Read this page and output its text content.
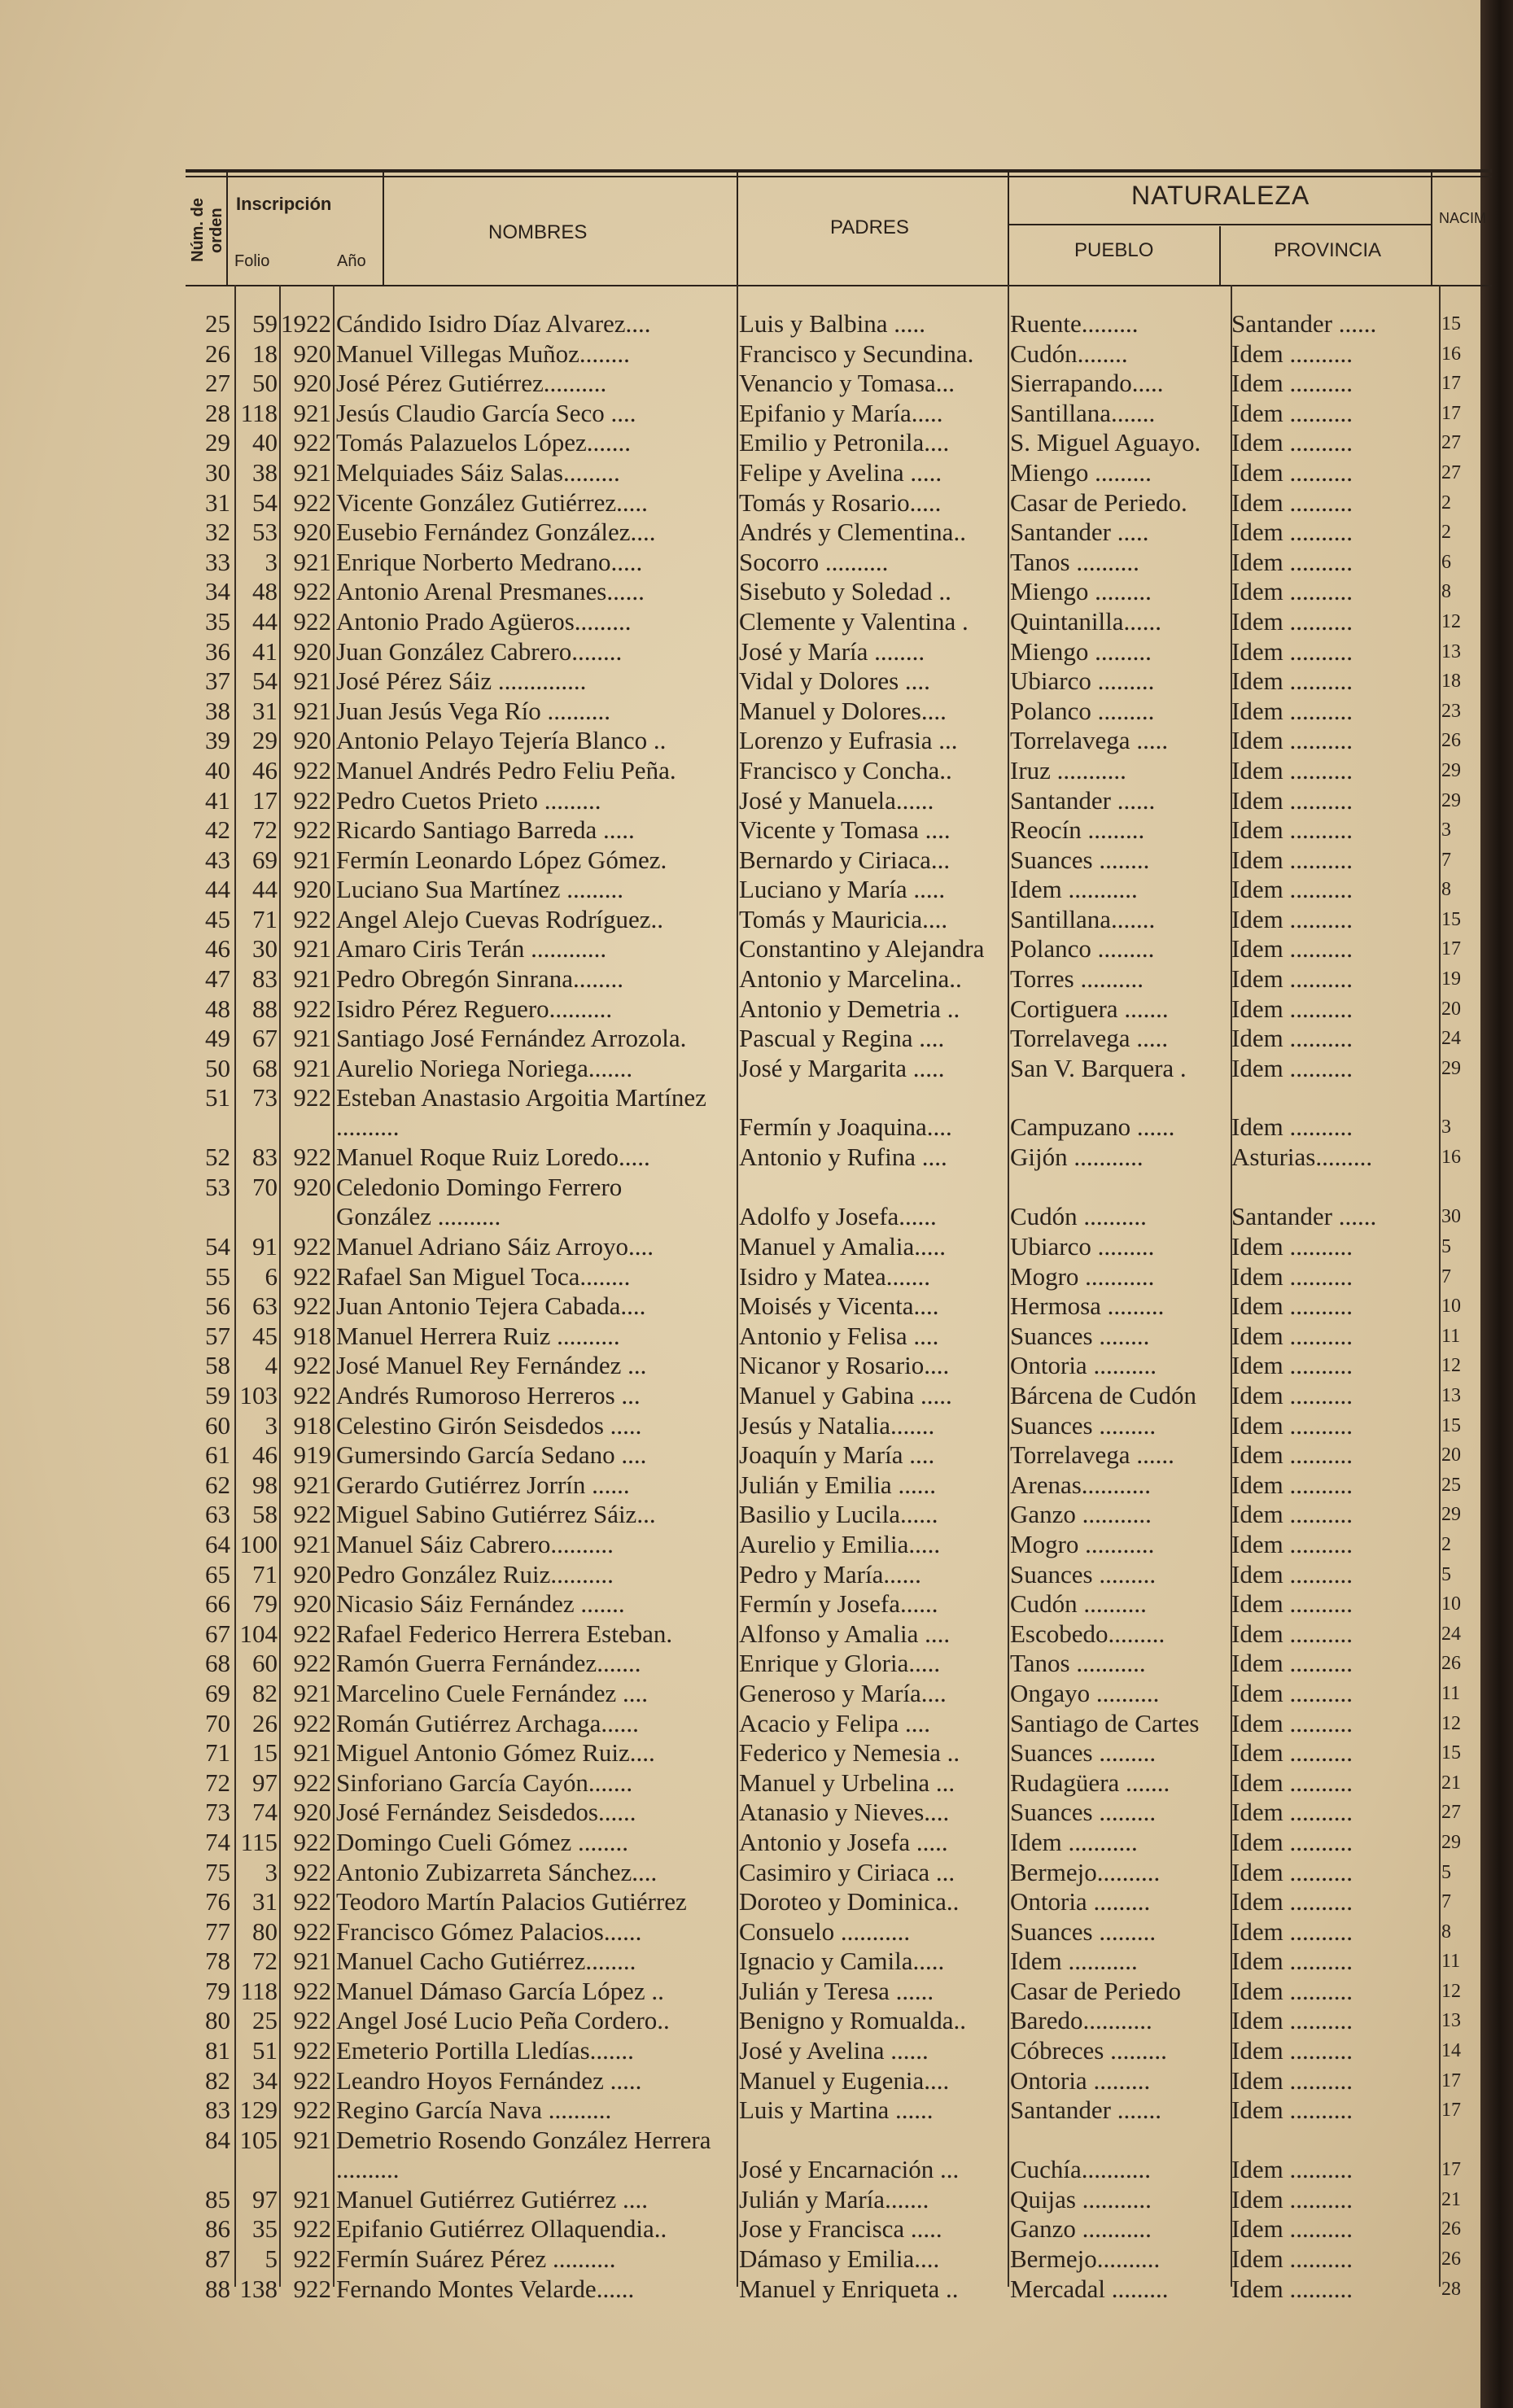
Núm. de orden
Inscripción
Folio	Año
NOMBRES	PADRES
NATURALEZA
PUEBLO	PROVINCIA
NACIM
25 59 1922 Cándido Isidro Díaz Alvarez....	Luis y Balbina .....	Ruente.........	Santander ......	15
26 18 920 Manuel Villegas Muñoz........	Francisco y Secundina.	Cudón........	Idem ..........	16
27 50 920 José Pérez Gutiérrez..........	Venancio y Tomasa...	Sierrapando.....	Idem ..........	17
28 118 921 Jesús Claudio García Seco ....	Epifanio y María.....	Santillana.......	Idem ..........	17
29 40 922 Tomás Palazuelos López.......	Emilio y Petronila....	S. Miguel Aguayo.	Idem ..........	27
30 38 921 Melquiades Sáiz Salas.........	Felipe y Avelina .....	Miengo .........	Idem ..........	27
31 54 922 Vicente González Gutiérrez.....	Tomás y Rosario.....	Casar de Periedo.	Idem ..........	2
32 53 920 Eusebio Fernández González....	Andrés y Clementina..	Santander .....	Idem ..........	2
33	3 921 Enrique Norberto Medrano.....	Socorro ..........	Tanos ..........	Idem ..........	6
34 48 922 Antonio Arenal Presmanes......	Sisebuto y Soledad ..	Miengo .........	Idem ..........	8
35 44 922 Antonio Prado Agüeros.........	Clemente y Valentina .	Quintanilla......	Idem ..........	12
36 41 920 Juan González Cabrero........	José y María ........	Miengo .........	Idem ..........	13
37 54 921 José Pérez Sáiz ..............	Vidal y Dolores ....	Ubiarco .........	Idem ..........	18
38 31 921 Juan Jesús Vega Río ..........	Manuel y Dolores....	Polanco .........	Idem ..........	23
39 29 920 Antonio Pelayo Tejería Blanco ..	Lorenzo y Eufrasia ...	Torrelavega .....	Idem ..........	26
40 46 922 Manuel Andrés Pedro Feliu Peña.	Francisco y Concha..	Iruz ...........	Idem ..........	29
41 17 922 Pedro Cuetos Prieto .........	José y Manuela......	Santander ......	Idem ..........	29
42 72 922 Ricardo Santiago Barreda .....	Vicente y Tomasa ....	Reocín .........	Idem ..........	3
43 69 921 Fermín Leonardo López Gómez.	Bernardo y Ciriaca...	Suances ........	Idem ..........	7
44 44 920 Luciano Sua Martínez .........	Luciano y María .....	Idem ...........	Idem ..........	8
45 71 922 Angel Alejo Cuevas Rodríguez..	Tomás y Mauricia....	Santillana.......	Idem ..........	15
46 30 921 Amaro Ciris Terán ............	Constantino y Alejandra	Polanco .........	Idem ..........	17
47 83 921 Pedro Obregón Sinrana........	Antonio y Marcelina..	Torres ..........	Idem ..........	19
48 88 922 Isidro Pérez Reguero..........	Antonio y Demetria ..	Cortiguera .......	Idem ..........	20
49 67 921 Santiago José Fernández Arrozola.	Pascual y Regina ....	Torrelavega .....	Idem ..........	24
50 68 921 Aurelio Noriega Noriega.......	José y Margarita .....	San V. Barquera .	Idem ..........	29
51 73 922 Esteban Anastasio Argoitia Martínez ..........	Fermín y Joaquina....	Campuzano ......	Idem ..........	3
52 83 922 Manuel Roque Ruiz Loredo.....	Antonio y Rufina ....	Gijón ...........	Asturias.........	16
53 70 920 Celedonio Domingo Ferrero González ..........	Adolfo y Josefa......	Cudón ..........	Santander ......	30
54 91 922 Manuel Adriano Sáiz Arroyo....	Manuel y Amalia.....	Ubiarco .........	Idem ..........	5
55	6 922 Rafael San Miguel Toca........	Isidro y Matea.......	Mogro ...........	Idem ..........	7
56 63 922 Juan Antonio Tejera Cabada....	Moisés y Vicenta....	Hermosa .........	Idem ..........	10
57 45 918 Manuel Herrera Ruiz ..........	Antonio y Felisa ....	Suances ........	Idem ..........	11
58	4 922 José Manuel Rey Fernández ...	Nicanor y Rosario....	Ontoria ..........	Idem ..........	12
59 103 922 Andrés Rumoroso Herreros ...	Manuel y Gabina .....	Bárcena de Cudón	Idem ..........	13
60	3 918 Celestino Girón Seisdedos .....	Jesús y Natalia.......	Suances .........	Idem ..........	15
61 46 919 Gumersindo García Sedano ....	Joaquín y María ....	Torrelavega ......	Idem ..........	20
62 98 921 Gerardo Gutiérrez Jorrín ......	Julián y Emilia ......	Arenas...........	Idem ..........	25
63 58 922 Miguel Sabino Gutiérrez Sáiz...	Basilio y Lucila......	Ganzo ...........	Idem ..........	29
64 100 921 Manuel Sáiz Cabrero..........	Aurelio y Emilia.....	Mogro ...........	Idem ..........	2
65 71 920 Pedro González Ruiz..........	Pedro y María......	Suances .........	Idem ..........	5
66 79 920 Nicasio Sáiz Fernández .......	Fermín y Josefa......	Cudón ..........	Idem ..........	10
67 104 922 Rafael Federico Herrera Esteban.	Alfonso y Amalia ....	Escobedo.........	Idem ..........	24
68 60 922 Ramón Guerra Fernández.......	Enrique y Gloria.....	Tanos ...........	Idem ..........	26
69 82 921 Marcelino Cuele Fernández ....	Generoso y María....	Ongayo ..........	Idem ..........	11
70 26 922 Román Gutiérrez Archaga......	Acacio y Felipa ....	Santiago de Cartes	Idem ..........	12
71 15 921 Miguel Antonio Gómez Ruiz....	Federico y Nemesia ..	Suances .........	Idem ..........	15
72 97 922 Sinforiano García Cayón.......	Manuel y Urbelina ...	Rudagüera .......	Idem ..........	21
73 74 920 José Fernández Seisdedos......	Atanasio y Nieves....	Suances .........	Idem ..........	27
74 115 922 Domingo Cueli Gómez ........	Antonio y Josefa .....	Idem ...........	Idem ..........	29
75	3 922 Antonio Zubizarreta Sánchez....	Casimiro y Ciriaca ...	Bermejo..........	Idem ..........	5
76 31 922 Teodoro Martín Palacios Gutiérrez	Doroteo y Dominica..	Ontoria .........	Idem ..........	7
77 80 922 Francisco Gómez Palacios......	Consuelo ...........	Suances .........	Idem ..........	8
78 72 921 Manuel Cacho Gutiérrez........	Ignacio y Camila.....	Idem ...........	Idem ..........	11
79 118 922 Manuel Dámaso García López ..	Julián y Teresa ......	Casar de Periedo	Idem ..........	12
80 25 922 Angel José Lucio Peña Cordero..	Benigno y Romualda..	Baredo...........	Idem ..........	13
81 51 922 Emeterio Portilla Lledías.......	José y Avelina ......	Cóbreces .........	Idem ..........	14
82 34 922 Leandro Hoyos Fernández .....	Manuel y Eugenia....	Ontoria .........	Idem ..........	17
83 129 922 Regino García Nava ..........	Luis y Martina ......	Santander .......	Idem ..........	17
84 105 921 Demetrio Rosendo González Herrera ..........	José y Encarnación ...	Cuchía...........	Idem ..........	17
85 97 921 Manuel Gutiérrez Gutiérrez ....	Julián y María.......	Quijas ...........	Idem ..........	21
86 35 922 Epifanio Gutiérrez Ollaquendia..	Jose y Francisca .....	Ganzo ...........	Idem ..........	26
87	5 922 Fermín Suárez Pérez ..........	Dámaso y Emilia....	Bermejo..........	Idem ..........	26
88 138 922 Fernando Montes Velarde......	Manuel y Enriqueta ..	Mercadal .........	Idem ..........	28
